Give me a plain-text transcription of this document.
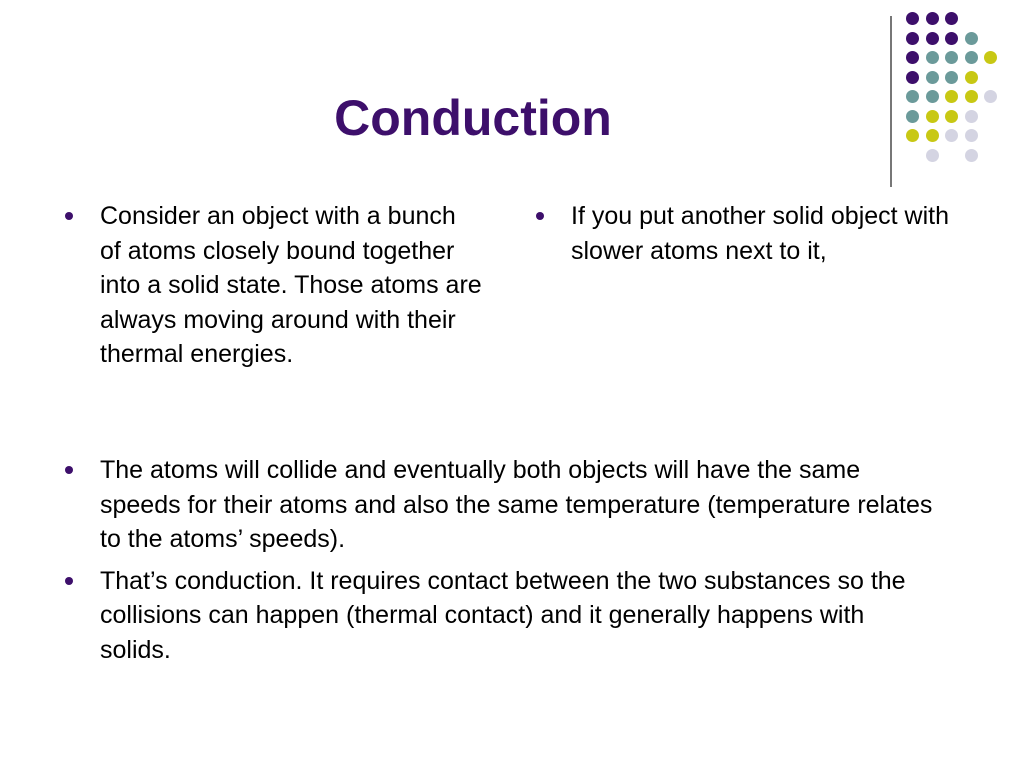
Conduction
Consider an object with a bunch of atoms closely bound together into a solid state. Those atoms are always moving around with their thermal energies.
If you put another solid object with slower atoms next to it,
The atoms will collide and eventually both objects will have the same speeds for their atoms and also the same temperature (temperature relates to the atoms’ speeds).
That’s conduction. It requires contact between the two substances so the collisions can happen (thermal contact) and it generally happens with solids.
